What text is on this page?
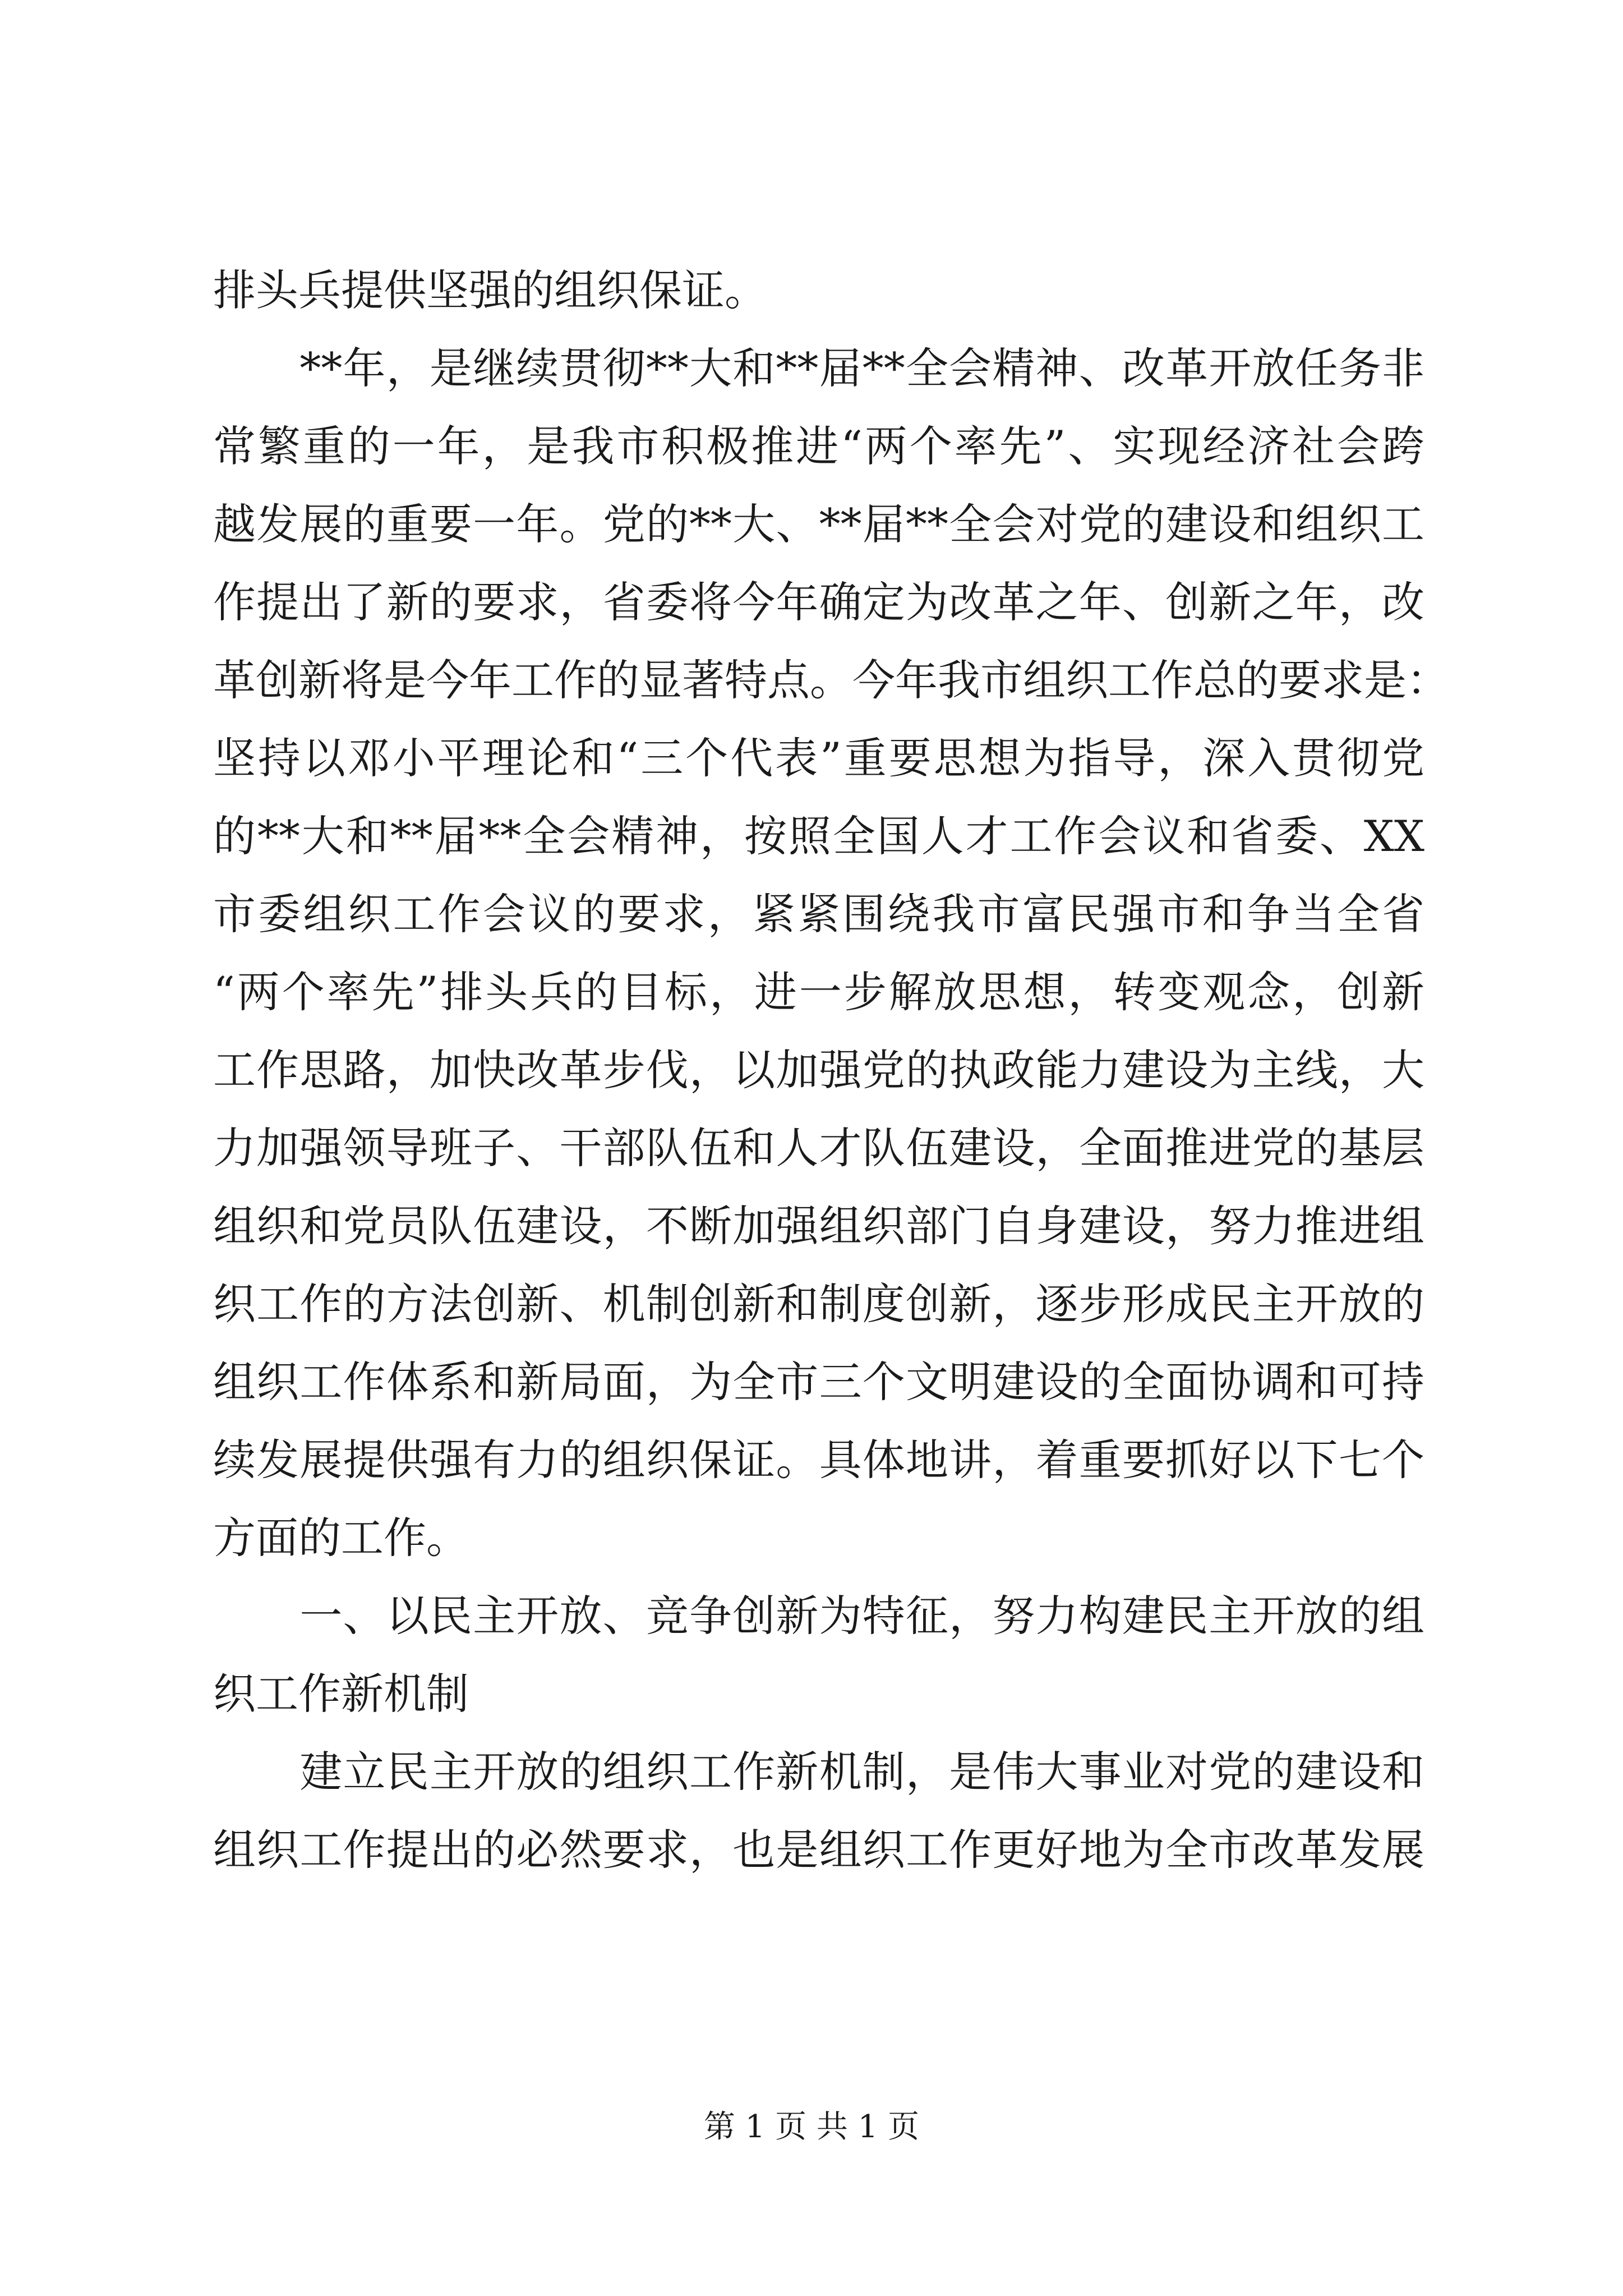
排头兵提供坚强的组织保证。
　　**年，是继续贯彻**大和**届**全会精神、改革开放任务非
常繁重的一年，是我市积极推进“两个率先”、实现经济社会跨
越发展的重要一年。党的**大、**届**全会对党的建设和组织工
作提出了新的要求，省委将今年确定为改革之年、创新之年，改
革创新将是今年工作的显著特点。今年我市组织工作总的要求是：
坚持以邓小平理论和“三个代表”重要思想为指导，深入贯彻党
的**大和**届**全会精神，按照全国人才工作会议和省委、XX
市委组织工作会议的要求，紧紧围绕我市富民强市和争当全省
“两个率先”排头兵的目标，进一步解放思想，转变观念，创新
工作思路，加快改革步伐，以加强党的执政能力建设为主线，大
力加强领导班子、干部队伍和人才队伍建设，全面推进党的基层
组织和党员队伍建设，不断加强组织部门自身建设，努力推进组
织工作的方法创新、机制创新和制度创新，逐步形成民主开放的
组织工作体系和新局面，为全市三个文明建设的全面协调和可持
续发展提供强有力的组织保证。具体地讲，着重要抓好以下七个
方面的工作。
　　一、以民主开放、竞争创新为特征，努力构建民主开放的组
织工作新机制
　　建立民主开放的组织工作新机制，是伟大事业对党的建设和
组织工作提出的必然要求，也是组织工作更好地为全市改革发展
第 1 页 共 1 页
